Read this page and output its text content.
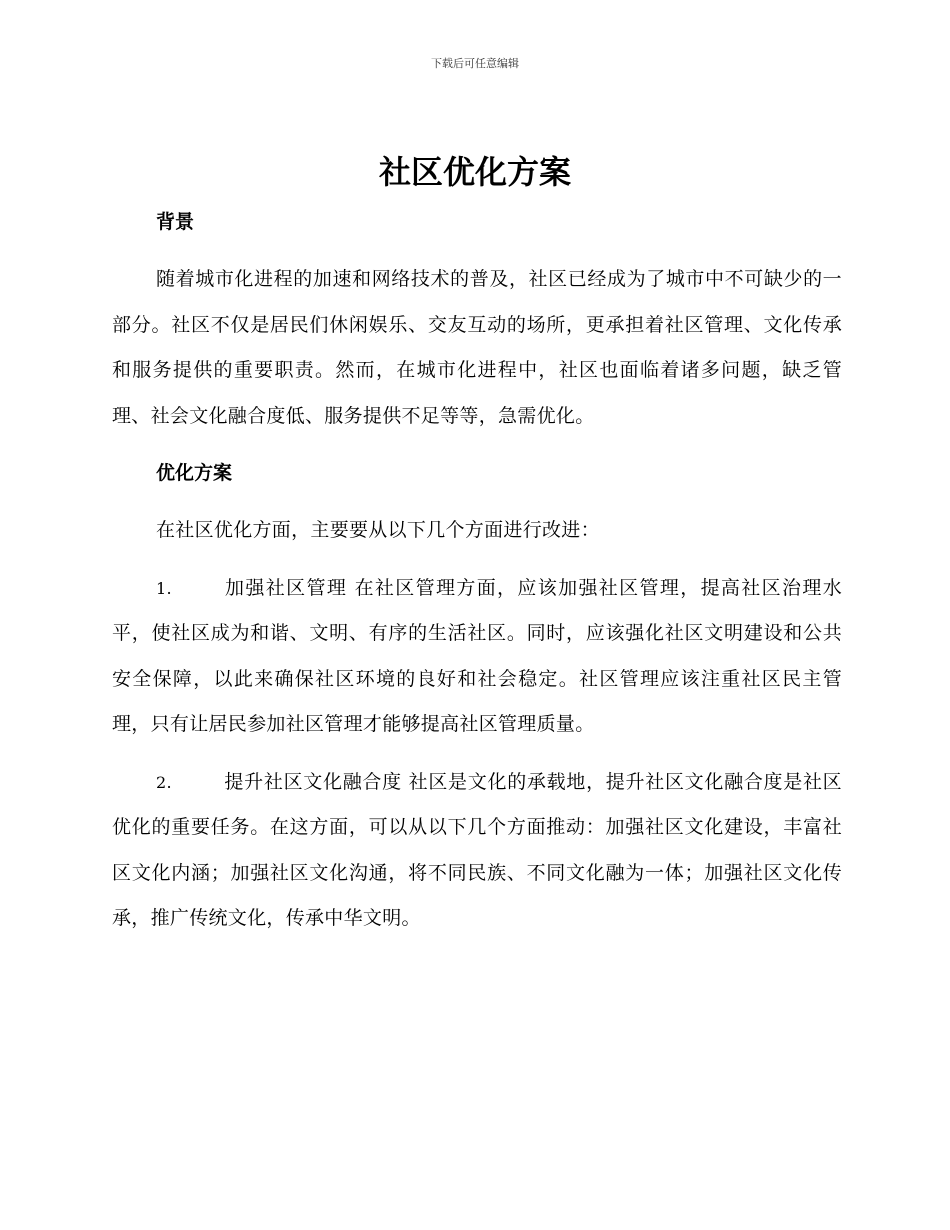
下载后可任意编辑
社区优化方案
背景

随着城市化进程的加速和网络技术的普及，社区已经成为了城市中不可缺少的一部分。社区不仅是居民们休闲娱乐、交友互动的场所，更承担着社区管理、文化传承和服务提供的重要职责。然而，在城市化进程中，社区也面临着诸多问题，缺乏管理、社会文化融合度低、服务提供不足等等，急需优化。

优化方案

在社区优化方面，主要要从以下几个方面进行改进：

1.	加强社区管理 在社区管理方面，应该加强社区管理，提高社区治理水平，使社区成为和谐、文明、有序的生活社区。同时，应该强化社区文明建设和公共安全保障，以此来确保社区环境的良好和社会稳定。社区管理应该注重社区民主管理，只有让居民参加社区管理才能够提高社区管理质量。

2.	提升社区文化融合度 社区是文化的承载地，提升社区文化融合度是社区优化的重要任务。在这方面，可以从以下几个方面推动：加强社区文化建设，丰富社区文化内涵；加强社区文化沟通，将不同民族、不同文化融为一体；加强社区文化传承，推广传统文化，传承中华文明。
